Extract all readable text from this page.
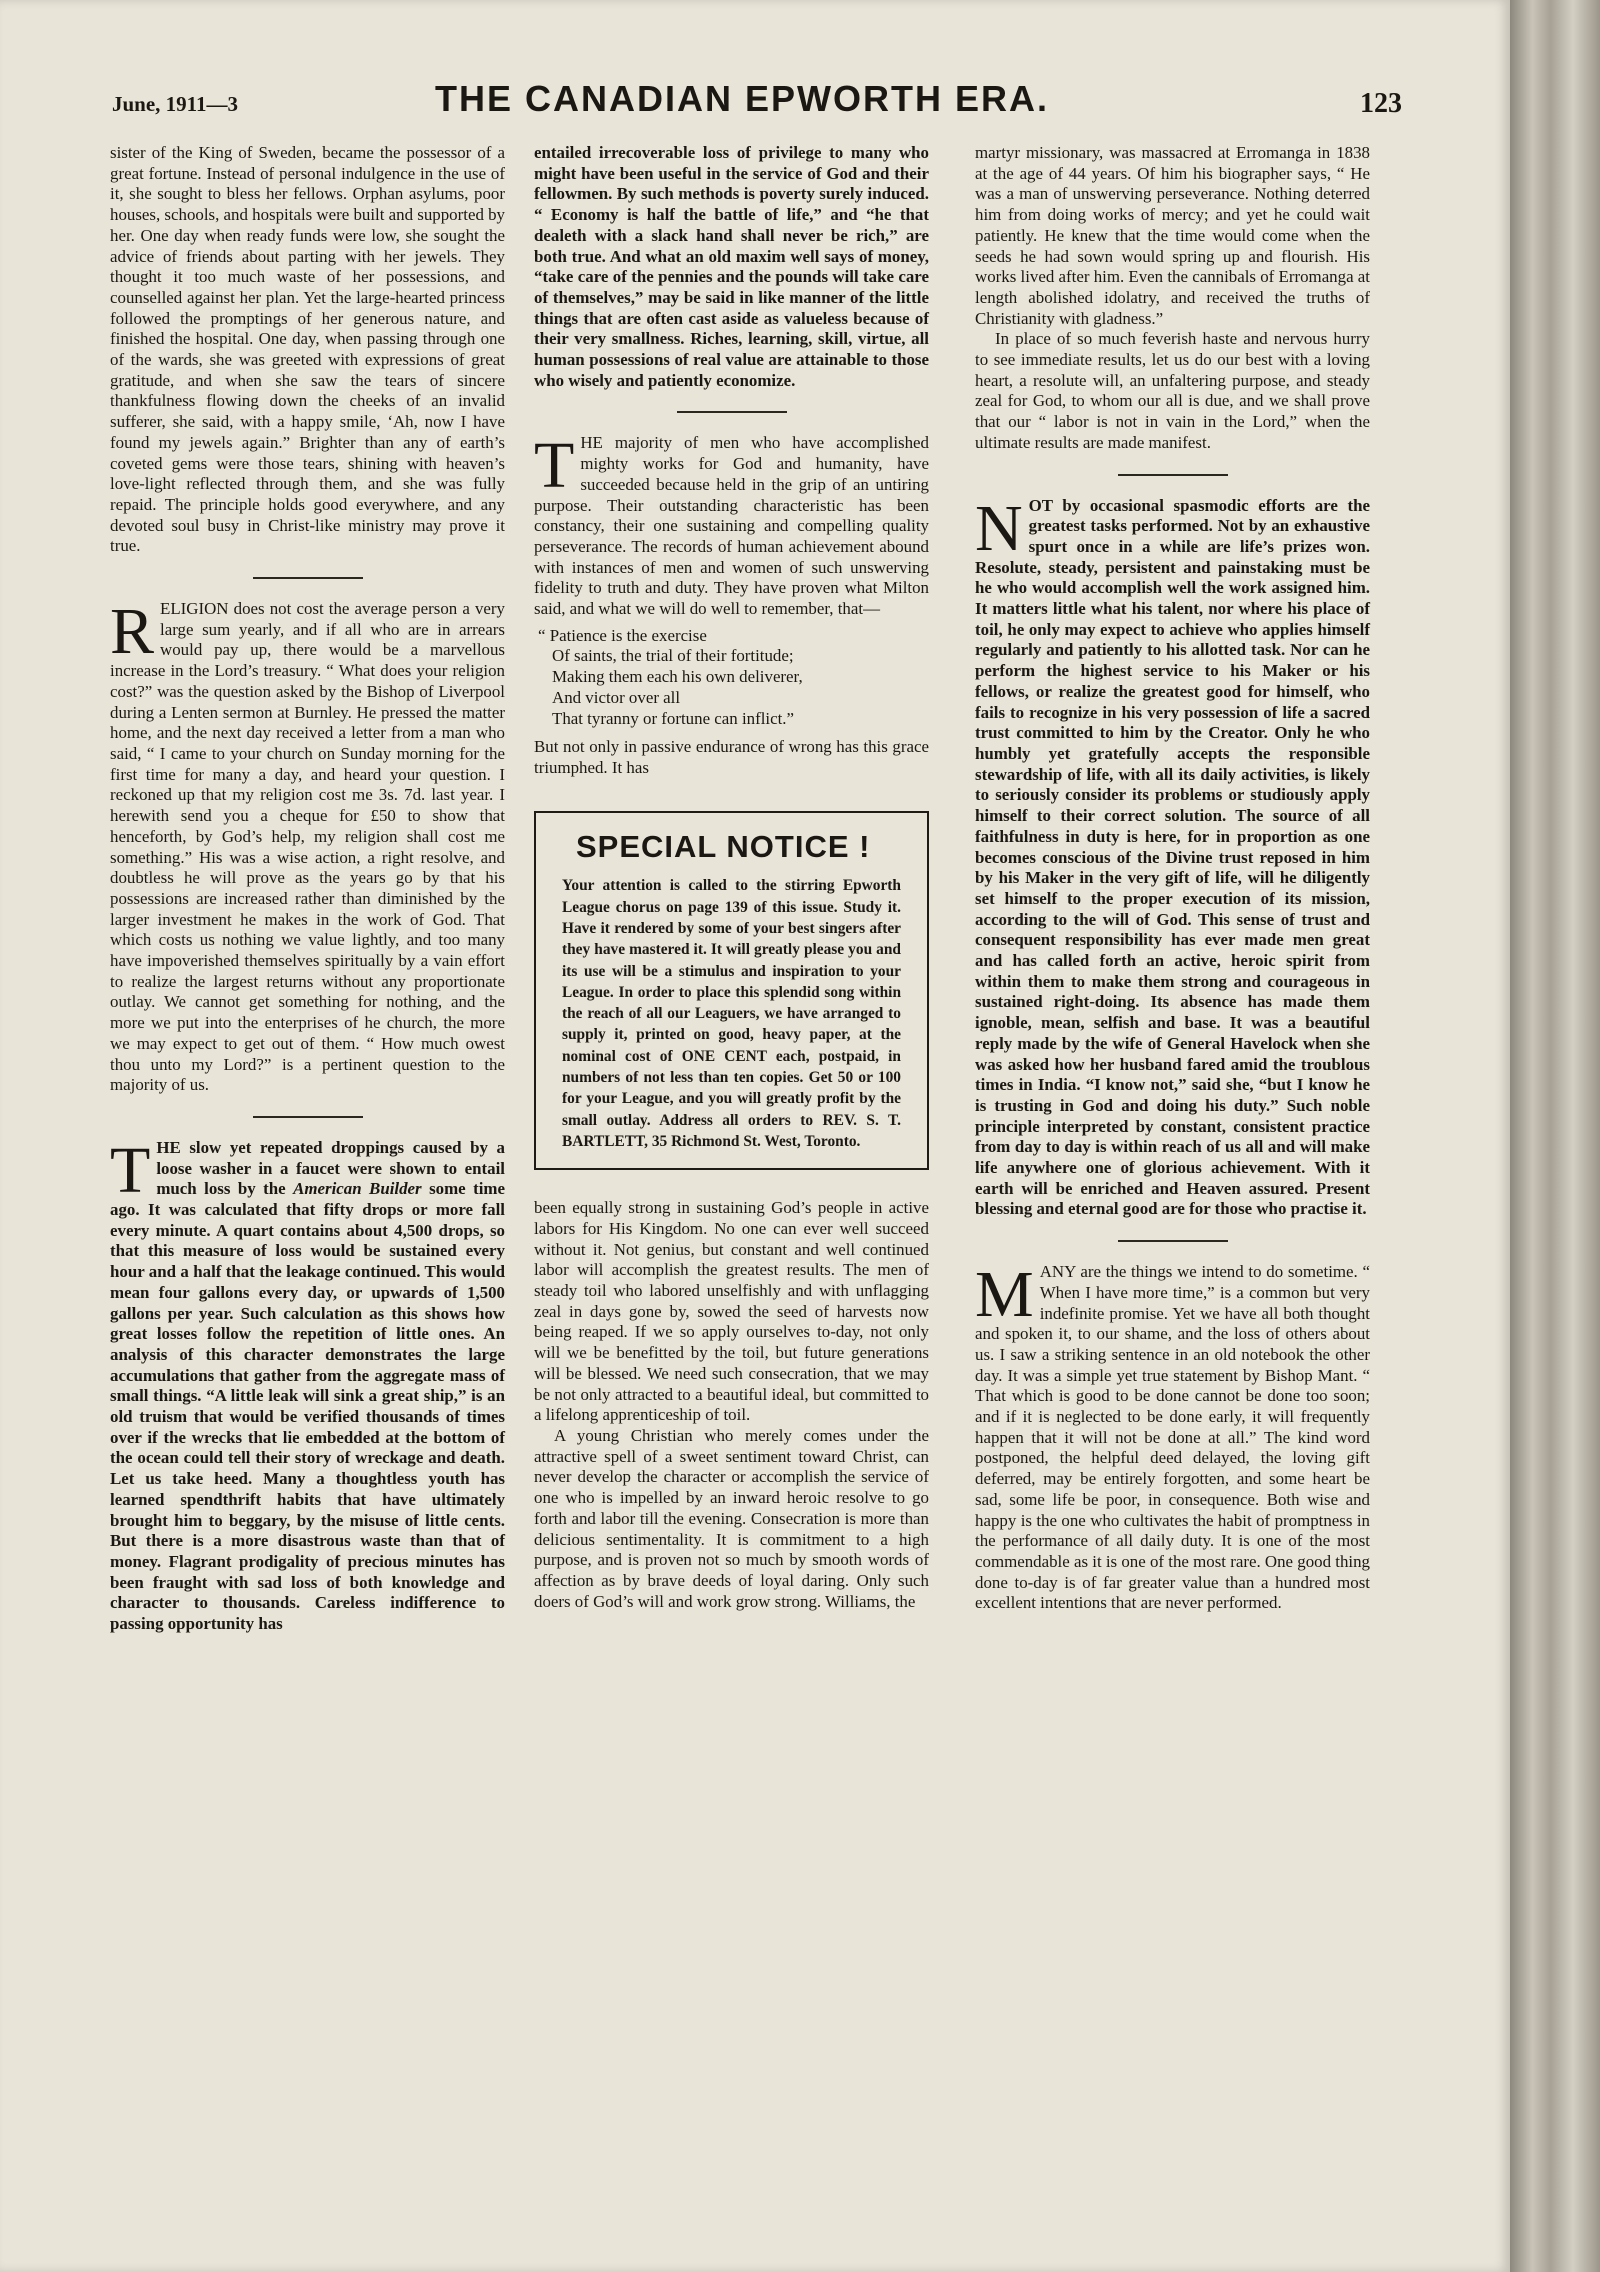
June, 1911—3	THE CANADIAN EPWORTH ERA.	123

sister of the King of Sweden, became the possessor of a great fortune. Instead of personal indulgence in the use of it, she sought to bless her fellows. Orphan asylums, poor houses, schools, and hospitals were built and supported by her. One day when ready funds were low, she sought the advice of friends about parting with her jewels. They thought it too much waste of her possessions, and counselled against her plan. Yet the large-hearted princess followed the promptings of her generous nature, and finished the hospital. One day, when passing through one of the wards, she was greeted with expressions of great gratitude, and when she saw the tears of sincere thankfulness flowing down the cheeks of an invalid sufferer, she said, with a happy smile, ‘Ah, now I have found my jewels again.” Brighter than any of earth’s coveted gems were those tears, shining with heaven’s love-light reflected through them, and she was fully repaid. The principle holds good everywhere, and any devoted soul busy in Christ-like ministry may prove it true.

RELIGION does not cost the average person a very large sum yearly, and if all who are in arrears would pay up, there would be a marvellous increase in the Lord’s treasury. “ What does your religion cost?” was the question asked by the Bishop of Liverpool during a Lenten sermon at Burnley. He pressed the matter home, and the next day received a letter from a man who said, “ I came to your church on Sunday morning for the first time for many a day, and heard your question. I reckoned up that my religion cost me 3s. 7d. last year. I herewith send you a cheque for £50 to show that henceforth, by God’s help, my religion shall cost me something.” His was a wise action, a right resolve, and doubtless he will prove as the years go by that his possessions are increased rather than diminished by the larger investment he makes in the work of God. That which costs us nothing we value lightly, and too many have impoverished themselves spiritually by a vain effort to realize the largest returns without any proportionate outlay. We cannot get something for nothing, and the more we put into the enterprises of he church, the more we may expect to get out of them. “ How much owest thou unto my Lord?” is a pertinent question to the majority of us.

THE slow yet repeated droppings caused by a loose washer in a faucet were shown to entail much loss by the American Builder some time ago. It was calculated that fifty drops or more fall every minute. A quart contains about 4,500 drops, so that this measure of loss would be sustained every hour and a half that the leakage continued. This would mean four gallons every day, or upwards of 1,500 gallons per year. Such calculation as this shows how great losses follow the repetition of little ones. An analysis of this character demonstrates the large accumulations that gather from the aggregate mass of small things. “A little leak will sink a great ship,” is an old truism that would be verified thousands of times over if the wrecks that lie embedded at the bottom of the ocean could tell their story of wreckage and death. Let us take heed. Many a thoughtless youth has learned spendthrift habits that have ultimately brought him to beggary, by the misuse of little cents. But there is a more disastrous waste than that of money. Flagrant prodigality of precious minutes has been fraught with sad loss of both knowledge and character to thousands. Careless indifference to passing opportunity has

entailed irrecoverable loss of privilege to many who might have been useful in the service of God and their fellowmen. By such methods is poverty surely induced. “ Economy is half the battle of life,” and “he that dealeth with a slack hand shall never be rich,” are both true. And what an old maxim well says of money, “take care of the pennies and the pounds will take care of themselves,” may be said in like manner of the little things that are often cast aside as valueless because of their very smallness. Riches, learning, skill, virtue, all human possessions of real value are attainable to those who wisely and patiently economize.

THE majority of men who have accomplished mighty works for God and humanity, have succeeded because held in the grip of an untiring purpose. Their outstanding characteristic has been constancy, their one sustaining and compelling quality perseverance. The records of human achievement abound with instances of men and women of such unswerving fidelity to truth and duty. They have proven what Milton said, and what we will do well to remember, that—

“ Patience is the exercise
Of saints, the trial of their fortitude;
Making them each his own deliverer,
And victor over all
That tyranny or fortune can inflict.”

But not only in passive endurance of wrong has this grace triumphed. It has

SPECIAL NOTICE !
Your attention is called to the stirring Epworth League chorus on page 139 of this issue. Study it. Have it rendered by some of your best singers after they have mastered it. It will greatly please you and its use will be a stimulus and inspiration to your League. In order to place this splendid song within the reach of all our Leaguers, we have arranged to supply it, printed on good, heavy paper, at the nominal cost of ONE CENT each, postpaid, in numbers of not less than ten copies. Get 50 or 100 for your League, and you will greatly profit by the small outlay. Address all orders to REV. S. T. BARTLETT, 35 Richmond St. West, Toronto.

been equally strong in sustaining God’s people in active labors for His Kingdom. No one can ever well succeed without it. Not genius, but constant and well continued labor will accomplish the greatest results. The men of steady toil who labored unselfishly and with unflagging zeal in days gone by, sowed the seed of harvests now being reaped. If we so apply ourselves to-day, not only will we be benefitted by the toil, but future generations will be blessed. We need such consecration, that we may be not only attracted to a beautiful ideal, but committed to a lifelong apprenticeship of toil.

A young Christian who merely comes under the attractive spell of a sweet sentiment toward Christ, can never develop the character or accomplish the service of one who is impelled by an inward heroic resolve to go forth and labor till the evening. Consecration is more than delicious sentimentality. It is commitment to a high purpose, and is proven not so much by smooth words of affection as by brave deeds of loyal daring. Only such doers of God’s will and work grow strong. Williams, the

martyr missionary, was massacred at Erromanga in 1838 at the age of 44 years. Of him his biographer says, “ He was a man of unswerving perseverance. Nothing deterred him from doing works of mercy; and yet he could wait patiently. He knew that the time would come when the seeds he had sown would spring up and flourish. His works lived after him. Even the cannibals of Erromanga at length abolished idolatry, and received the truths of Christianity with gladness.”

In place of so much feverish haste and nervous hurry to see immediate results, let us do our best with a loving heart, a resolute will, an unfaltering purpose, and steady zeal for God, to whom our all is due, and we shall prove that our “ labor is not in vain in the Lord,” when the ultimate results are made manifest.

NOT by occasional spasmodic efforts are the greatest tasks performed. Not by an exhaustive spurt once in a while are life’s prizes won. Resolute, steady, persistent and painstaking must be he who would accomplish well the work assigned him. It matters little what his talent, nor where his place of toil, he only may expect to achieve who applies himself regularly and patiently to his allotted task. Nor can he perform the highest service to his Maker or his fellows, or realize the greatest good for himself, who fails to recognize in his very possession of life a sacred trust committed to him by the Creator. Only he who humbly yet gratefully accepts the responsible stewardship of life, with all its daily activities, is likely to seriously consider its problems or studiously apply himself to their correct solution. The source of all faithfulness in duty is here, for in proportion as one becomes conscious of the Divine trust reposed in him by his Maker in the very gift of life, will he diligently set himself to the proper execution of its mission, according to the will of God. This sense of trust and consequent responsibility has ever made men great and has called forth an active, heroic spirit from within them to make them strong and courageous in sustained right-doing. Its absence has made them ignoble, mean, selfish and base. It was a beautiful reply made by the wife of General Havelock when she was asked how her husband fared amid the troublous times in India. “I know not,” said she, “but I know he is trusting in God and doing his duty.” Such noble principle interpreted by constant, consistent practice from day to day is within reach of us all and will make life anywhere one of glorious achievement. With it earth will be enriched and Heaven assured. Present blessing and eternal good are for those who practise it.

MANY are the things we intend to do sometime. “ When I have more time,” is a common but very indefinite promise. Yet we have all both thought and spoken it, to our shame, and the loss of others about us. I saw a striking sentence in an old notebook the other day. It was a simple yet true statement by Bishop Mant. “ That which is good to be done cannot be done too soon; and if it is neglected to be done early, it will frequently happen that it will not be done at all.” The kind word postponed, the helpful deed delayed, the loving gift deferred, may be entirely forgotten, and some heart be sad, some life be poor, in consequence. Both wise and happy is the one who cultivates the habit of promptness in the performance of all daily duty. It is one of the most commendable as it is one of the most rare. One good thing done to-day is of far greater value than a hundred most excellent intentions that are never performed.
